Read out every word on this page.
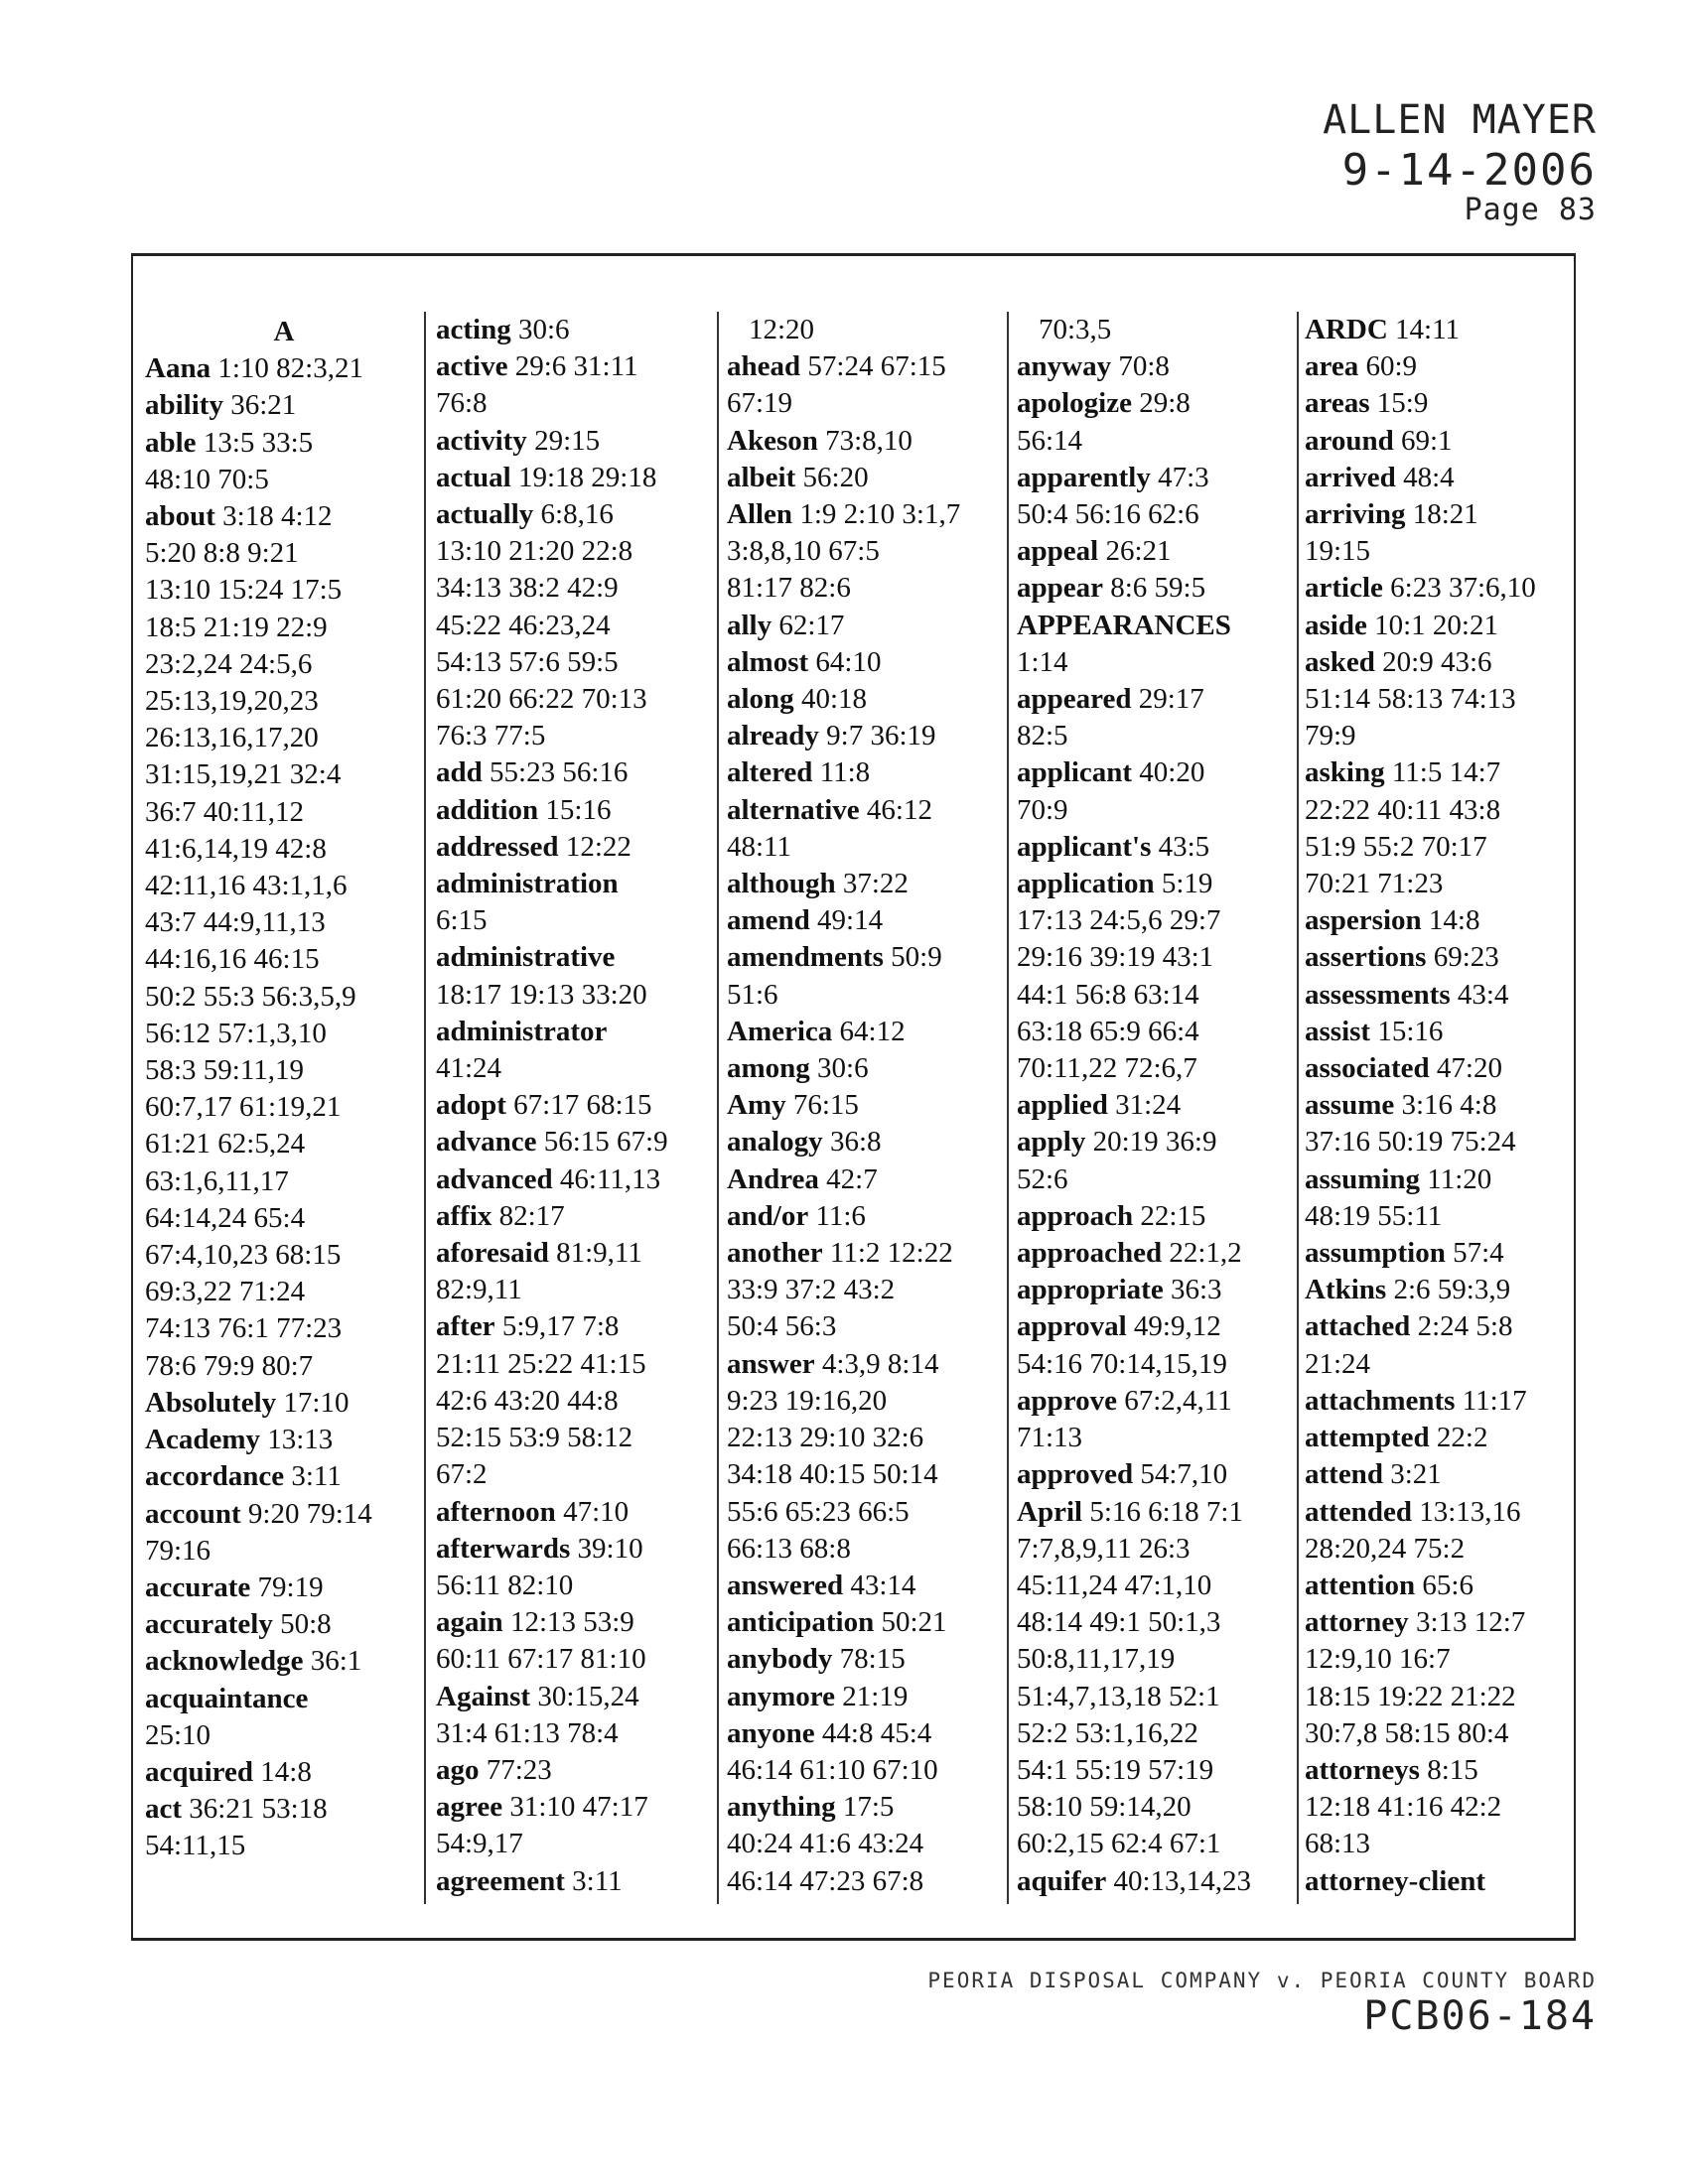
ALLEN MAYER
9-14-2006
Page 83
A
Aana 1:10 82:3,21
ability 36:21
able 13:5 33:5
48:10 70:5
about 3:18 4:12
5:20 8:8 9:21
13:10 15:24 17:5
18:5 21:19 22:9
23:2,24 24:5,6
25:13,19,20,23
26:13,16,17,20
31:15,19,21 32:4
36:7 40:11,12
41:6,14,19 42:8
42:11,16 43:1,1,6
43:7 44:9,11,13
44:16,16 46:15
50:2 55:3 56:3,5,9
56:12 57:1,3,10
58:3 59:11,19
60:7,17 61:19,21
61:21 62:5,24
63:1,6,11,17
64:14,24 65:4
67:4,10,23 68:15
69:3,22 71:24
74:13 76:1 77:23
78:6 79:9 80:7
Absolutely 17:10
Academy 13:13
accordance 3:11
account 9:20 79:14
79:16
accurate 79:19
accurately 50:8
acknowledge 36:1
acquaintance
25:10
acquired 14:8
act 36:21 53:18
54:11,15
acting 30:6
active 29:6 31:11
76:8
activity 29:15
actual 19:18 29:18
actually 6:8,16
13:10 21:20 22:8
34:13 38:2 42:9
45:22 46:23,24
54:13 57:6 59:5
61:20 66:22 70:13
76:3 77:5
add 55:23 56:16
addition 15:16
addressed 12:22
administration
6:15
administrative
18:17 19:13 33:20
administrator
41:24
adopt 67:17 68:15
advance 56:15 67:9
advanced 46:11,13
affix 82:17
aforesaid 81:9,11
82:9,11
after 5:9,17 7:8
21:11 25:22 41:15
42:6 43:20 44:8
52:15 53:9 58:12
67:2
afternoon 47:10
afterwards 39:10
56:11 82:10
again 12:13 53:9
60:11 67:17 81:10
Against 30:15,24
31:4 61:13 78:4
ago 77:23
agree 31:10 47:17
54:9,17
agreement 3:11
12:20
ahead 57:24 67:15
67:19
Akeson 73:8,10
albeit 56:20
Allen 1:9 2:10 3:1,7
3:8,8,10 67:5
81:17 82:6
ally 62:17
almost 64:10
along 40:18
already 9:7 36:19
altered 11:8
alternative 46:12
48:11
although 37:22
amend 49:14
amendments 50:9
51:6
America 64:12
among 30:6
Amy 76:15
analogy 36:8
Andrea 42:7
and/or 11:6
another 11:2 12:22
33:9 37:2 43:2
50:4 56:3
answer 4:3,9 8:14
9:23 19:16,20
22:13 29:10 32:6
34:18 40:15 50:14
55:6 65:23 66:5
66:13 68:8
answered 43:14
anticipation 50:21
anybody 78:15
anymore 21:19
anyone 44:8 45:4
46:14 61:10 67:10
anything 17:5
40:24 41:6 43:24
46:14 47:23 67:8
70:3,5
anyway 70:8
apologize 29:8
56:14
apparently 47:3
50:4 56:16 62:6
appeal 26:21
appear 8:6 59:5
APPEARANCES
1:14
appeared 29:17
82:5
applicant 40:20
70:9
applicant's 43:5
application 5:19
17:13 24:5,6 29:7
29:16 39:19 43:1
44:1 56:8 63:14
63:18 65:9 66:4
70:11,22 72:6,7
applied 31:24
apply 20:19 36:9
52:6
approach 22:15
approached 22:1,2
appropriate 36:3
approval 49:9,12
54:16 70:14,15,19
approve 67:2,4,11
71:13
approved 54:7,10
April 5:16 6:18 7:1
7:7,8,9,11 26:3
45:11,24 47:1,10
48:14 49:1 50:1,3
50:8,11,17,19
51:4,7,13,18 52:1
52:2 53:1,16,22
54:1 55:19 57:19
58:10 59:14,20
60:2,15 62:4 67:1
aquifer 40:13,14,23
ARDC 14:11
area 60:9
areas 15:9
around 69:1
arrived 48:4
arriving 18:21
19:15
article 6:23 37:6,10
aside 10:1 20:21
asked 20:9 43:6
51:14 58:13 74:13
79:9
asking 11:5 14:7
22:22 40:11 43:8
51:9 55:2 70:17
70:21 71:23
aspersion 14:8
assertions 69:23
assessments 43:4
assist 15:16
associated 47:20
assume 3:16 4:8
37:16 50:19 75:24
assuming 11:20
48:19 55:11
assumption 57:4
Atkins 2:6 59:3,9
attached 2:24 5:8
21:24
attachments 11:17
attempted 22:2
attend 3:21
attended 13:13,16
28:20,24 75:2
attention 65:6
attorney 3:13 12:7
12:9,10 16:7
18:15 19:22 21:22
30:7,8 58:15 80:4
attorneys 8:15
12:18 41:16 42:2
68:13
attorney-client
PEORIA DISPOSAL COMPANY v. PEORIA COUNTY BOARD
PCB06-184
